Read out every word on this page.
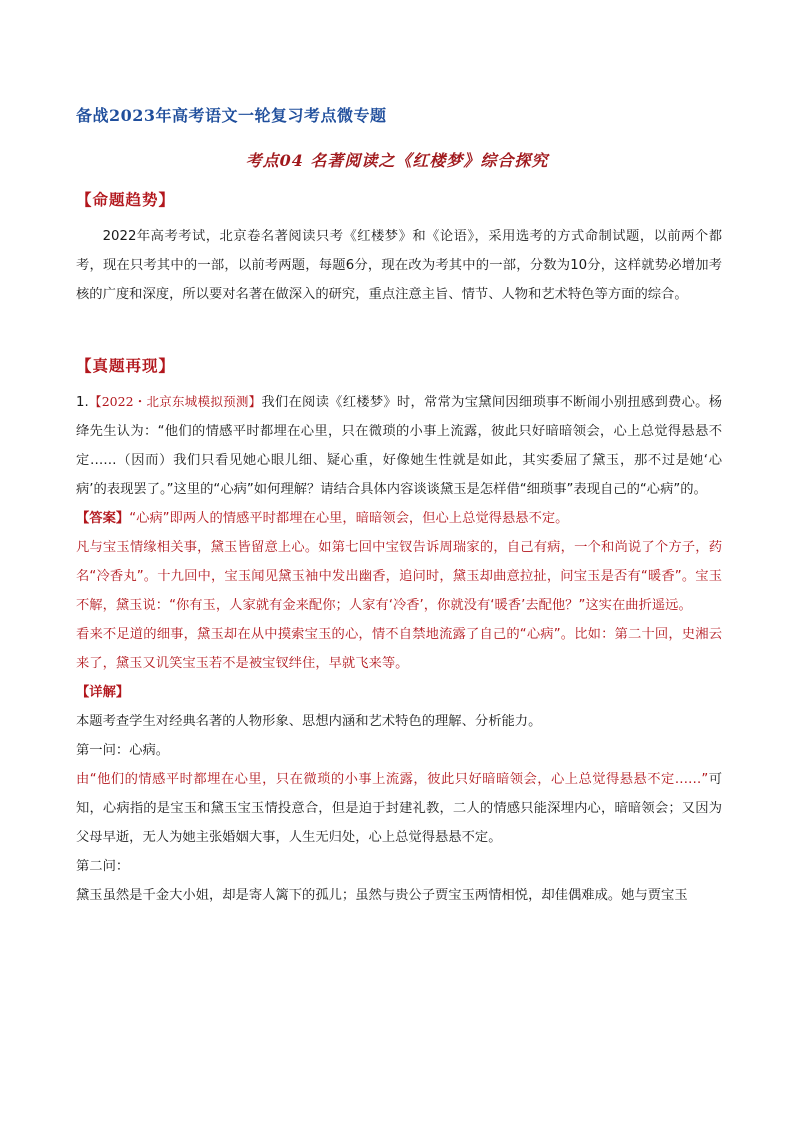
备战2023年高考语文一轮复习考点微专题
考点04 名著阅读之《红楼梦》综合探究
【命题趋势】

2022年高考考试，北京卷名著阅读只考《红楼梦》和《论语》，采用选考的方式命制试题，以前两个都考，现在只考其中的一部，以前考两题，每题6分，现在改为考其中的一部，分数为10分，这样就势必增加考核的广度和深度，所以要对名著在做深入的研究，重点注意主旨、情节、人物和艺术特色等方面的综合。

【真题再现】

1.【2022・北京东城模拟预测】我们在阅读《红楼梦》时，常常为宝黛间因细琐事不断闹小别扭感到费心。杨绛先生认为：“他们的情感平时都埋在心里，只在微琐的小事上流露，彼此只好暗暗领会，心上总觉得悬悬不定……（因而）我们只看见她心眼儿细、疑心重，好像她生性就是如此，其实委屈了黛玉，那不过是她‘心病’的表现罢了。”这里的“心病”如何理解？请结合具体内容谈谈黛玉是怎样借“细琐事”表现自己的“心病”的。

【答案】“心病”即两人的情感平时都埋在心里，暗暗领会，但心上总觉得悬悬不定。

凡与宝玉情缘相关事，黛玉皆留意上心。如第七回中宝钗告诉周瑞家的，自己有病，一个和尚说了个方子，药名“冷香丸”。十九回中，宝玉闻见黛玉袖中发出幽香，追问时，黛玉却曲意拉扯，问宝玉是否有“暖香”。宝玉不解，黛玉说：“你有玉，人家就有金来配你；人家有‘冷香’，你就没有‘暖香’去配他？”这实在曲折遥远。

看来不足道的细事，黛玉却在从中摸索宝玉的心，情不自禁地流露了自己的“心病”。比如：第二十回，史湘云来了，黛玉又讥笑宝玉若不是被宝钗绊住，早就飞来等。

【详解】

本题考查学生对经典名著的人物形象、思想内涵和艺术特色的理解、分析能力。

第一问：心病。

由“他们的情感平时都埋在心里，只在微琐的小事上流露，彼此只好暗暗领会，心上总觉得悬悬不定……”可知，心病指的是宝玉和黛玉宝玉情投意合，但是迫于封建礼教，二人的情感只能深埋内心，暗暗领会；又因为父母早逝，无人为她主张婚姻大事，人生无归处，心上总觉得悬悬不定。

第二问：

黛玉虽然是千金大小姐，却是寄人篱下的孤儿；虽然与贵公子贾宝玉两情相悦，却佳偶难成。她与贾宝玉
